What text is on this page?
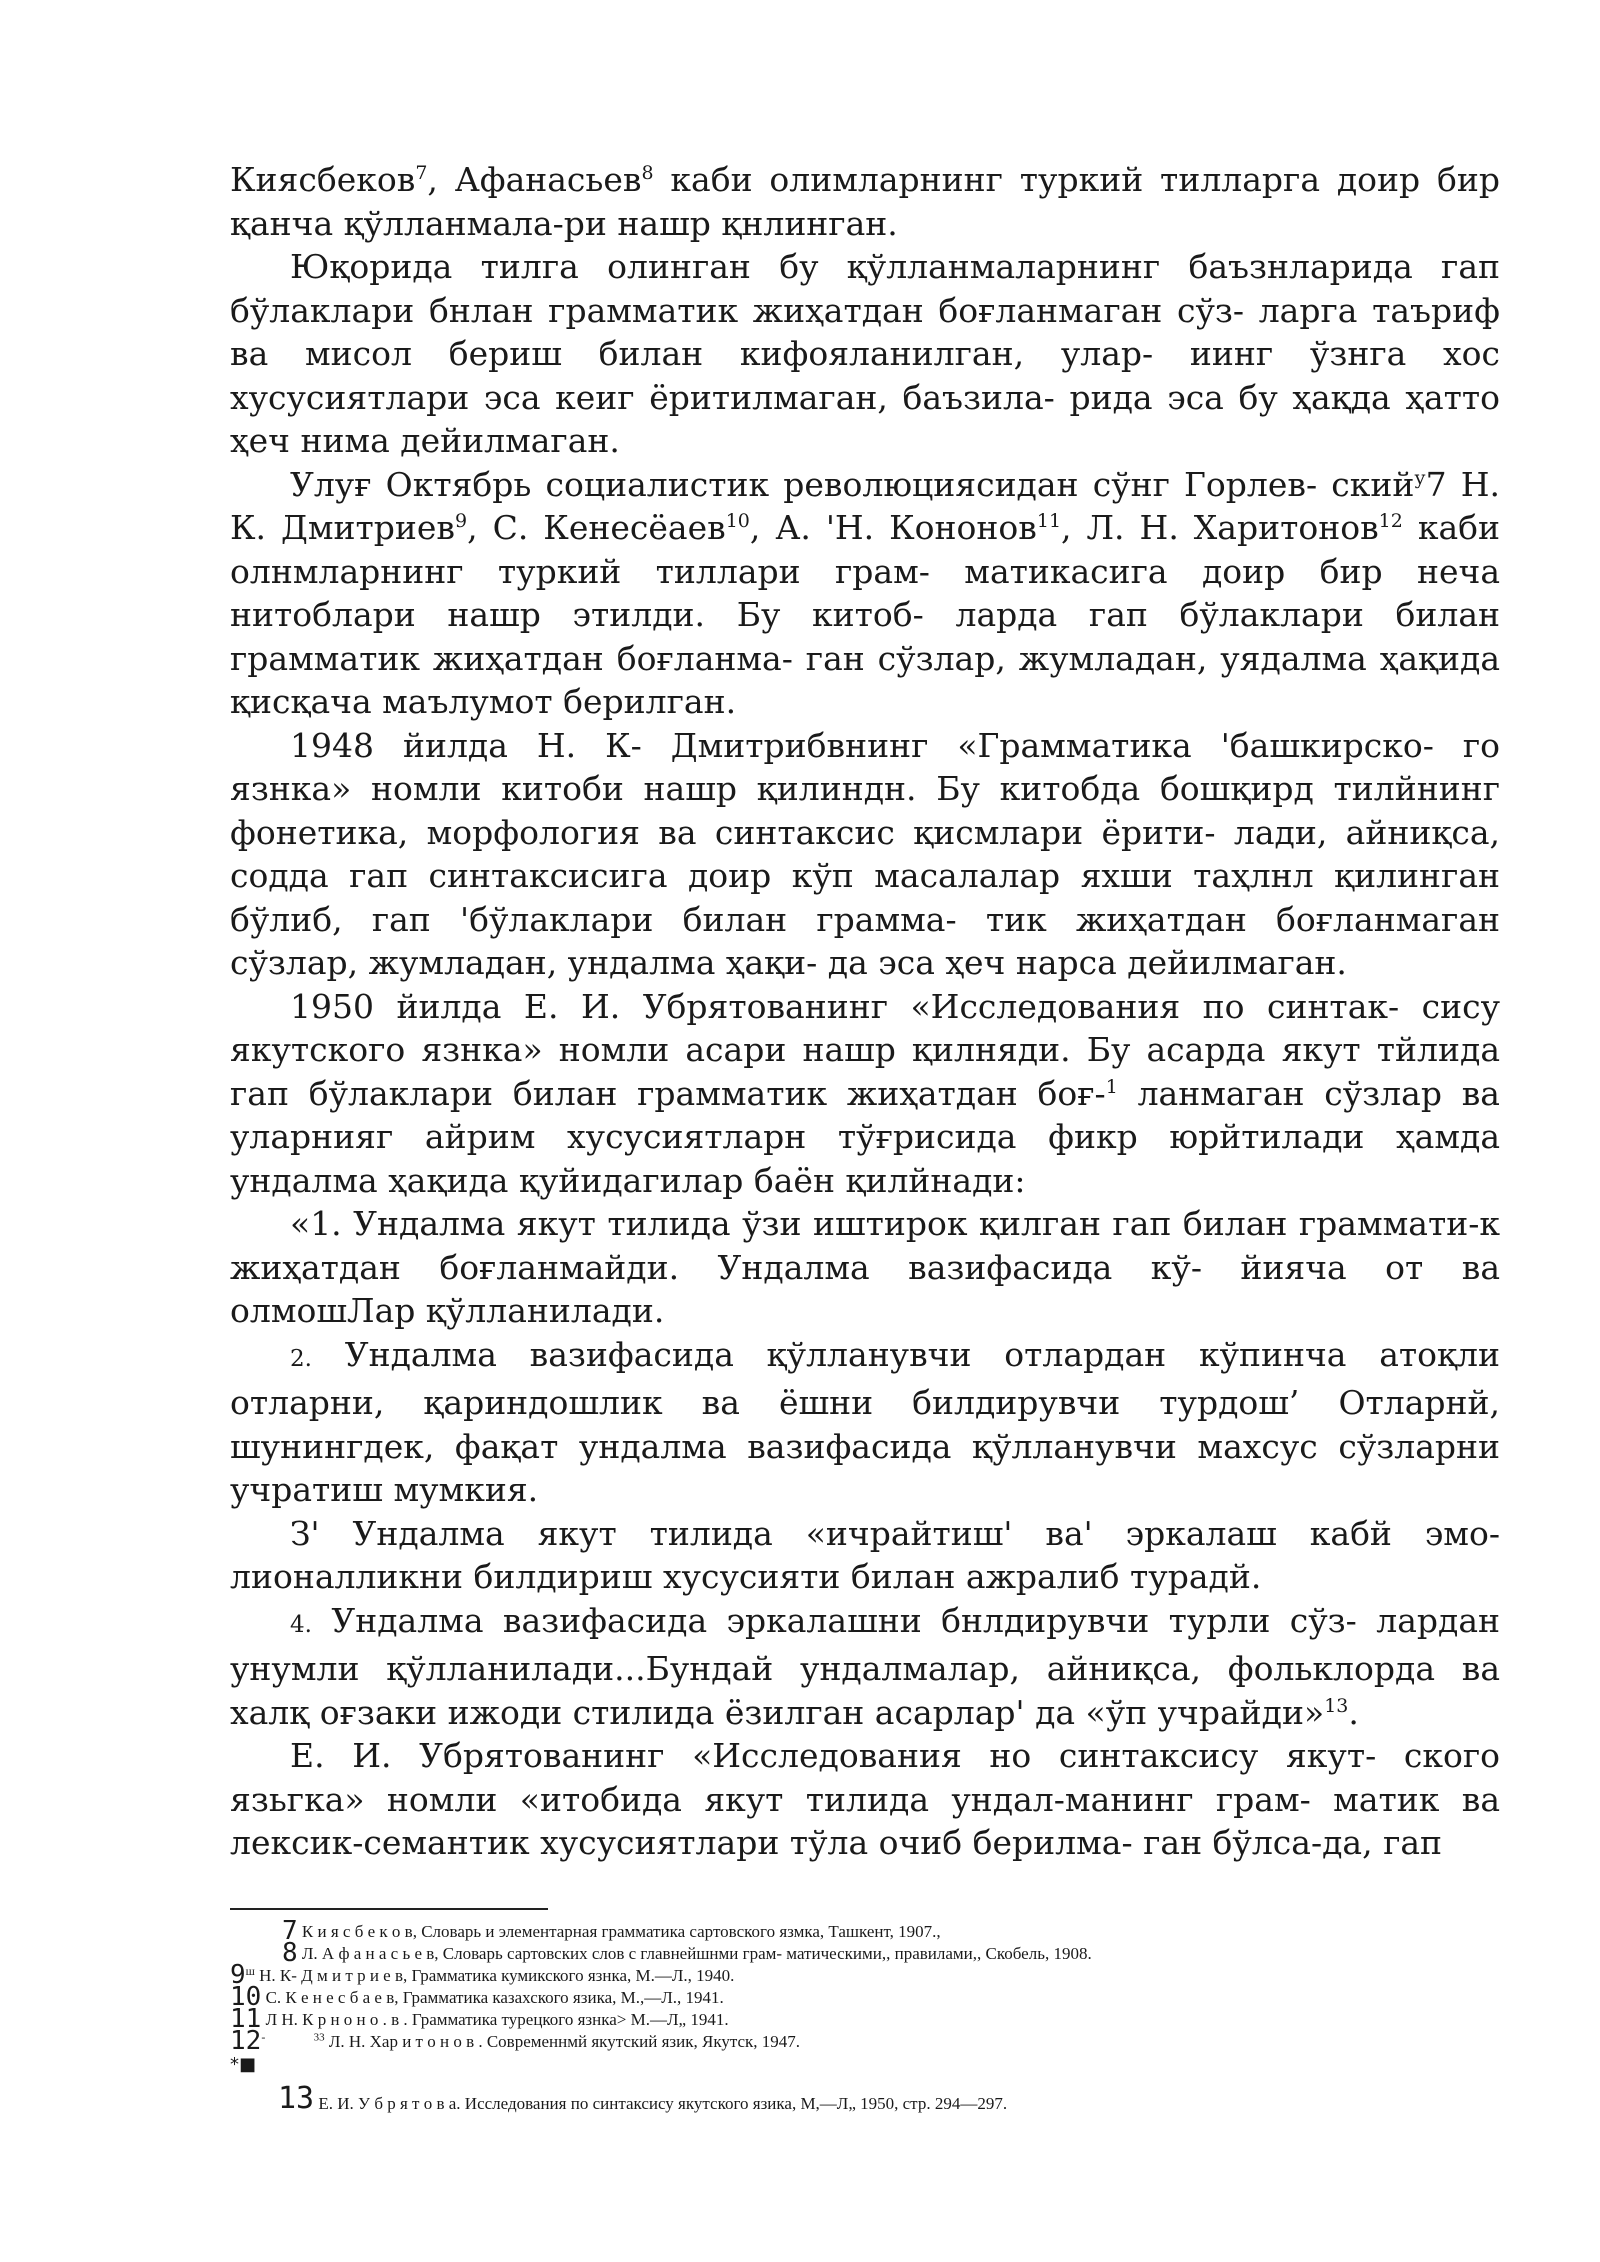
Киясбеков$^7$, Афанасьев$^8$ каби олимларнинг туркий тилларга доир бир қанча қўлланмала-ри нашр қнлинган.

Юқорида тилга олинган бу қўлланмаларнинг баъзнларида гап бўлаклари бнлан грамматик жиҳатдан боғланмаган сўз- ларга таъриф ва мисол бериш билан кифояланилган, улар- иинг ўзнга хос хусусиятлари эса кеиг ёритилмаган, баъзила- рида эса бу ҳақда ҳатто ҳеч нима дейилмаган.

Улуғ Октябрь социалистик революциясидан сўнг Горлев- ский$^у$7 Н. К. Дмитриев$^9$, С. Кенесёаев$^{10}$, А. 'Н. Кононов$^{11}$, Л. Н. Харитонов$^{12}$ каби олнмларнинг туркий тиллари грам- матикасига доир бир неча нитоблари нашр этилди. Бу китоб- ларда гап бўлаклари билан грамматик жиҳатдан боғланма- ган сўзлар, жумладан, уядалма ҳақида қисқача маълумот берилган.

1948 йилда Н. К- Дмитрибвнинг «Грамматика 'башкирско- го язнка» номли китоби нашр қилиндн. Бу китобда бошқирд тилйнинг фонетика, морфология ва синтаксис қисмлари ёрити- лади, айниқса, содда гап синтаксисига доир кўп масалалар яхши таҳлнл қилинган бўлиб, гап 'бўлаклари билан грамма- тик жиҳатдан боғланмаган сўзлар, жумладан, ундалма ҳақи- да эса ҳеч нарса дейилмаган.

1950 йилда Е. И. Убрятованинг «Исследования по синтак- сису якутского язнка» номли асари нашр қилняди. Бу асарда якут тйлида гап бўлаклари билан грамматик жиҳатдан боғ-$^1$ ланмаган сўзлар ва уларнияг айрим хусусиятларн тўғрисида фикр юрйтилади ҳамда ундалма ҳақида қуйидагилар баён қилйнади:

«1. Ундалма якут тилида ўзи иштирок қилган гап билан граммати-к жиҳатдан боғланмайди. Ундалма вазифасида кў- йияча от ва олмошЛар қўлланилади.

2. Ундалма вазифасида қўлланувчи отлардан кўпинча атоқли отларни, қариндошлик ва ёшни билдирувчи турдош’ Отларнй, шунингдек, фақат ундалма вазифасида қўлланувчи махсус сўзларни учратиш мумкия.

З' Ундалма якут тилида «ичрайтиш' ва' эркалаш кабй эмо- лионалликни билдириш хусусияти билан ажралиб турадй.

4. Ундалма вазифасида эркалашни бнлдирувчи турли сўз- лардан унумли қўлланилади...Бундай ундалмалар, айниқса, фольклорда ва халқ оғзаки ижоди стилида ёзилган асарлар' да «ўп учрайди»$^{13}$.

Е. И. Убрятованинг «Исследования но синтаксису якут- ского язьгка» номли «итобида якут тилида ундал-манинг грам- матик ва лексик-семантик хусусиятлари тўла очиб берилма- ган бўлса-да, гап

7 К и я с б е к о в, Словарь и элементарная грамматика сартовского язмка, Ташкент, 1907.,
8 Л. А ф а н а с ь е в, Словарь сартовских слов с главнейшнми грам- матическими,, правилами,, Скобель, 1908.
$9^ш$ Н. К- Д м и т р и е в, Грамматика кумикского язнка, М.—Л., 1940.
10 С. К е н е с б а е в, Грамматика казахского язика, М.,—Л., 1941.
11 Л Н. К р н о н о . в . Грамматика турецкого язнка> М.—Л„ 1941.
12-	$^{33}$ Л. Н. Хар и т о н о в . Современнмй якутский язик, Якутск, 1947.
*■
13 Е. И. У б р я т о в а. Исследования по синтаксису якутского язика, М,—Л„ 1950, стр. 294—297.
